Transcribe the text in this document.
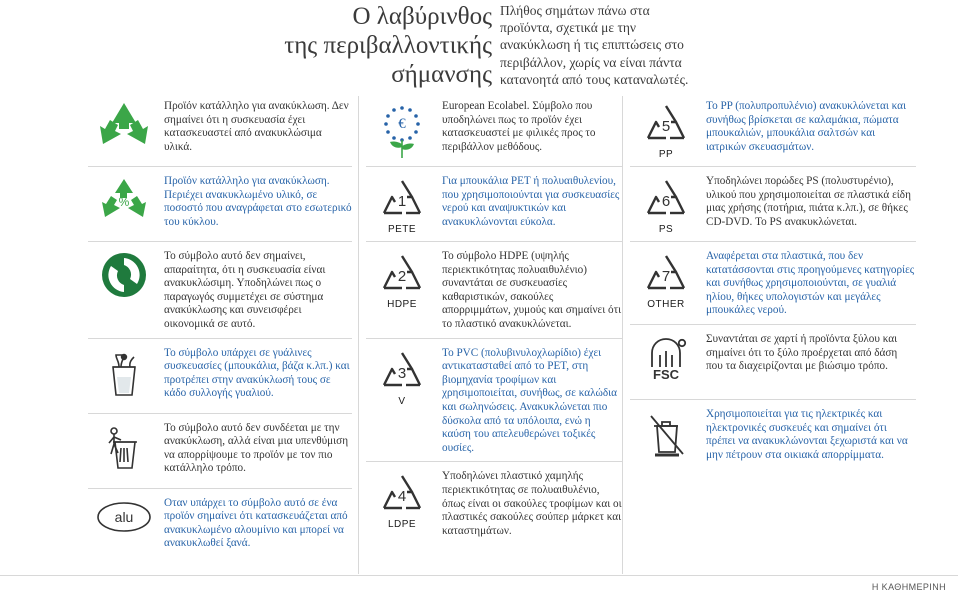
Ο λαβύρινθος
της περιβαλλοντικής
σήμανσης
Πλήθος σημάτων πάνω στα προϊόντα, σχετικά με την ανακύκλωση ή τις επιπτώσεις στο περιβάλλον, χωρίς να είναι πάντα κατανοητά από τους καταναλωτές.
Προϊόν κατάλληλο για ανακύκλωση. Δεν σημαίνει ότι η συσκευασία έχει κατασκευαστεί από ανακυκλώσιμα υλικά.
%
Προϊόν κατάλληλο για ανακύκλωση. Περιέχει ανακυκλωμένο υλικό, σε ποσοστό που αναγράφεται στο εσωτερικό του κύκλου.
Το σύμβολο αυτό δεν σημαίνει, απαραίτητα, ότι η συσκευασία είναι ανακυκλώσιμη. Υποδηλώνει πως ο παραγωγός συμμετέχει σε σύστημα ανακύκλωσης και συνεισφέρει οικονομικά σε αυτό.
Το σύμβολο υπάρχει σε γυάλινες συσκευασίες (μπουκάλια, βάζα κ.λπ.) και προτρέπει στην ανακύκλωσή τους σε κάδο συλλογής γυαλιού.
Το σύμβολο αυτό δεν συνδέεται με την ανακύκλωση, αλλά είναι μια υπενθύμιση να απορρίψουμε το προϊόν με τον πιο κατάλληλο τρόπο.
alu
Οταν υπάρχει το σύμβολο αυτό σε ένα προϊόν σημαίνει ότι κατασκευάζεται από ανακυκλωμένο αλουμίνιο και μπορεί να ανακυκλωθεί ξανά.
€
European Ecolabel. Σύμβολο που υποδηλώνει πως το προϊόν έχει κατασκευαστεί με φιλικές προς το περιβάλλον μεθόδους.
1
PETE
Για μπουκάλια PET ή πολυαιθυλενίου, που χρησιμοποιούνται για συσκευασίες νερού και αναψυκτικών και ανακυκλώνονται εύκολα.
2
HDPE
Το σύμβολο HDPE (υψηλής περιεκτικότητας πολυαιθυλένιο) συναντάται σε συσκευασίες καθαριστικών, σακούλες απορριμμάτων, χυμούς και σημαίνει ότι το πλαστικό ανακυκλώνεται.
3
V
Το PVC (πολυβινυλοχλωρίδιο) έχει αντικατασταθεί από το PET, στη βιομηχανία τροφίμων και χρησιμοποιείται, συνήθως, σε καλώδια και σωληνώσεις. Ανακυκλώνεται πιο δύσκολα από τα υπόλοιπα, ενώ η καύση του απελευθερώνει τοξικές ουσίες.
4
LDPE
Υποδηλώνει πλαστικό χαμηλής περιεκτικότητας σε πολυαιθυλένιο, όπως είναι οι σακούλες τροφίμων και οι πλαστικές σακούλες σούπερ μάρκετ και καταστημάτων.
5
PP
Το PP (πολυπροπυλένιο) ανακυκλώνεται και συνήθως βρίσκεται σε καλαμάκια, πώματα μπουκαλιών, μπουκάλια σαλτσών και ιατρικών σκευασμάτων.
6
PS
Υποδηλώνει πορώδες PS (πολυστυρένιο), υλικού που χρησιμοποιείται σε πλαστικά είδη μιας χρήσης (ποτήρια, πιάτα κ.λπ.), σε θήκες CD-DVD. Το PS ανακυκλώνεται.
7
OTHER
Αναφέρεται στα πλαστικά, που δεν κατατάσσονται στις προηγούμενες κατηγορίες και συνήθως χρησιμοποιούνται, σε γυαλιά ηλίου, θήκες υπολογιστών και μεγάλες μπουκάλες νερού.
FSC
Συναντάται σε χαρτί ή προϊόντα ξύλου και σημαίνει ότι το ξύλο προέρχεται από δάση που τα διαχειρίζονται με βιώσιμο τρόπο.
Χρησιμοποιείται για τις ηλεκτρικές και ηλεκτρονικές συσκευές και σημαίνει ότι πρέπει να ανακυκλώνονται ξεχωριστά και να μην πέτρουν στα οικιακά απορρίμματα.
Η ΚΑΘΗΜΕΡΙΝΗ
